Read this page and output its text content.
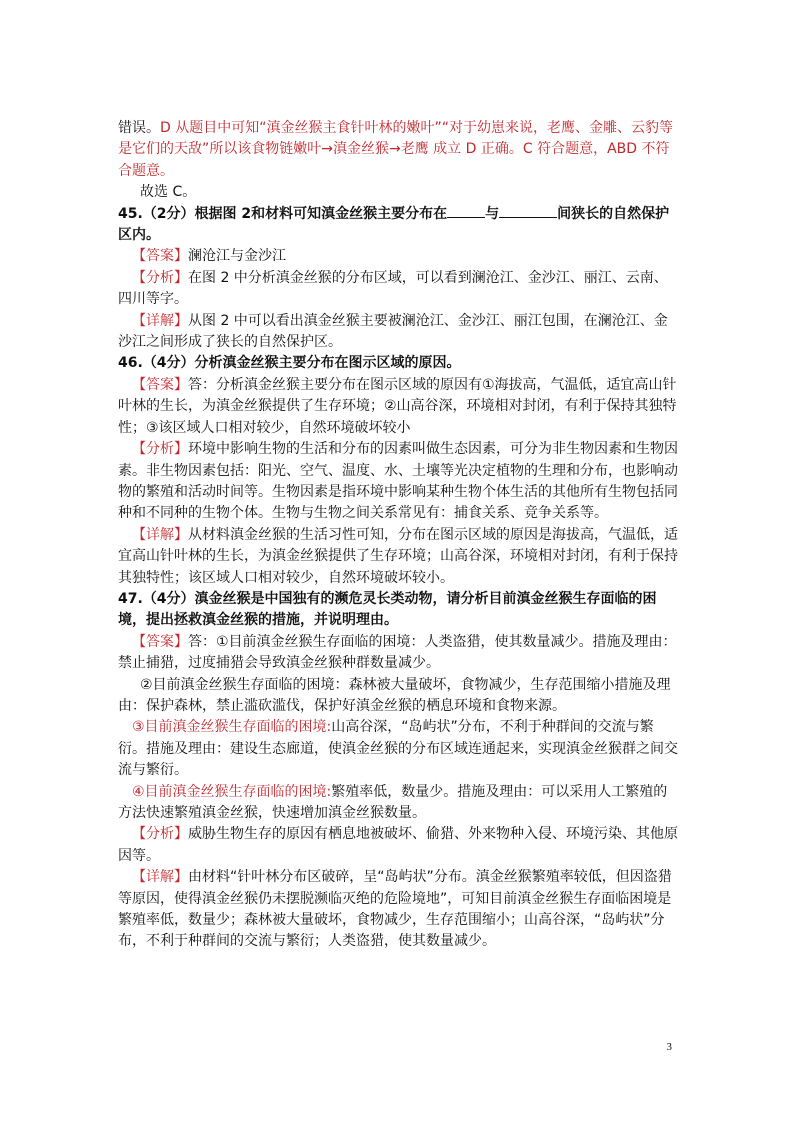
错误。D 从题目中可知“滇金丝猴主食针叶林的嫩叶”“对于幼崽来说，老鹰、金雕、云豹等是它们的天敌”所以该食物链嫩叶→滇金丝猴→老鹰 成立 D 正确。C 符合题意，ABD 不符合题意。

故选 C。

45.（2分）根据图 2和材料可知滇金丝猴主要分布在	与	间狭长的自然保护区内。

【答案】澜沧江与金沙江

【分析】在图 2 中分析滇金丝猴的分布区域，可以看到澜沧江、金沙江、丽江、云南、四川等字。

【详解】从图 2 中可以看出滇金丝猴主要被澜沧江、金沙江、丽江包围，在澜沧江、金沙江之间形成了狭长的自然保护区。

46.（4分）分析滇金丝猴主要分布在图示区域的原因。

【答案】答：分析滇金丝猴主要分布在图示区域的原因有①海拔高，气温低，适宜高山针叶林的生长，为滇金丝猴提供了生存环境；②山高谷深，环境相对封闭，有利于保持其独特性；③该区域人口相对较少，自然环境破坏较小

【分析】环境中影响生物的生活和分布的因素叫做生态因素，可分为非生物因素和生物因素。非生物因素包括：阳光、空气、温度、水、土壤等光决定植物的生理和分布，也影响动物的繁殖和活动时间等。生物因素是指环境中影响某种生物个体生活的其他所有生物包括同种和不同种的生物个体。生物与生物之间关系常见有：捕食关系、竞争关系等。

【详解】从材料滇金丝猴的生活习性可知，分布在图示区域的原因是海拔高，气温低，适宜高山针叶林的生长，为滇金丝猴提供了生存环境；山高谷深，环境相对封闭，有利于保持其独特性；该区域人口相对较少，自然环境破坏较小。

47.（4分）滇金丝猴是中国独有的濒危灵长类动物，请分析目前滇金丝猴生存面临的困境，提出拯救滇金丝猴的措施，并说明理由。

【答案】答：①目前滇金丝猴生存面临的困境：人类盗猎，使其数量减少。措施及理由：禁止捕猎，过度捕猎会导致滇金丝猴种群数量减少。

②目前滇金丝猴生存面临的困境：森林被大量破坏，食物减少，生存范围缩小措施及理由：保护森林，禁止滥砍滥伐，保护好滇金丝猴的栖息环境和食物来源。

③目前滇金丝猴生存面临的困境:山高谷深，“岛屿状”分布，不利于种群间的交流与繁衍。措施及理由：建设生态廊道，使滇金丝猴的分布区域连通起来，实现滇金丝猴群之间交流与繁衍。

④目前滇金丝猴生存面临的困境:繁殖率低，数量少。措施及理由：可以采用人工繁殖的方法快速繁殖滇金丝猴，快速增加滇金丝猴数量。

【分析】威胁生物生存的原因有栖息地被破坏、偷猎、外来物种入侵、环境污染、其他原因等。

【详解】由材料“针叶林分布区破碎，呈“岛屿状”分布。滇金丝猴繁殖率较低，但因盗猎等原因，使得滇金丝猴仍未摆脱濒临灭绝的危险境地”，可知目前滇金丝猴生存面临困境是繁殖率低，数量少；森林被大量破坏，食物减少，生存范围缩小；山高谷深，“岛屿状”分布，不利于种群间的交流与繁衍；人类盗猎，使其数量减少。

3
